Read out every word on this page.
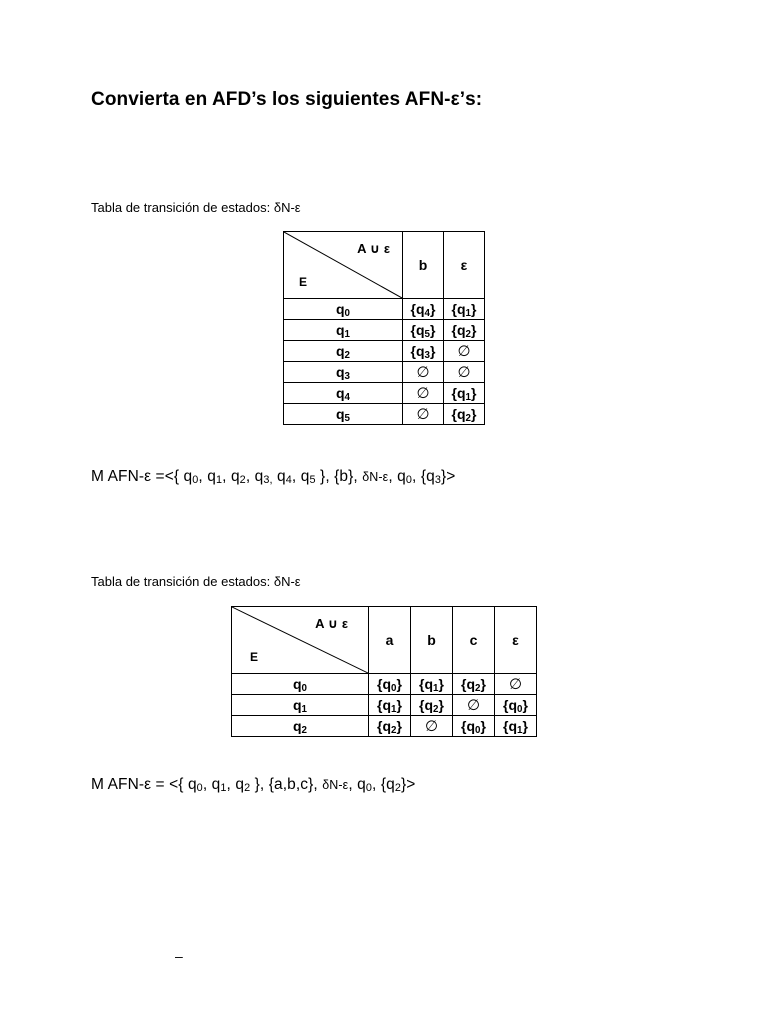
Convierta en AFD’s los siguientes AFN-ε’s:
Tabla de transición de estados: δN-ε
A ∪ ε
E	b	ε
$q_0$	$\{q_4\}$	$\{q_1\}$
$q_1$	$\{q_5\}$	$\{q_2\}$
$q_2$	$\{q_3\}$	∅
$q_3$	∅	∅
$q_4$	∅	$\{q_1\}$
$q_5$	∅	$\{q_2\}$
M AFN-ε =<{ $q_0$, $q_1$, $q_2$, $q_{3,}$ $q_4$, $q_5$ }, {b}, δN-ε, $q_0$, $\{q_3\}>$
Tabla de transición de estados: δN-ε
A ∪ ε
E	a	b	c	ε
$q_0$	$\{q_0\}$	$\{q_1\}$	$\{q_2\}$	∅
$q_1$	$\{q_1\}$	$\{q_2\}$	∅	$\{q_0\}$
$q_2$	$\{q_2\}$	∅	$\{q_0\}$	$\{q_1\}$
M AFN-ε = <{ $q_0$, $q_1$, $q_2$ }, {a,b,c}, δN-ε, $q_0$, $\{q_2\}>$
–
